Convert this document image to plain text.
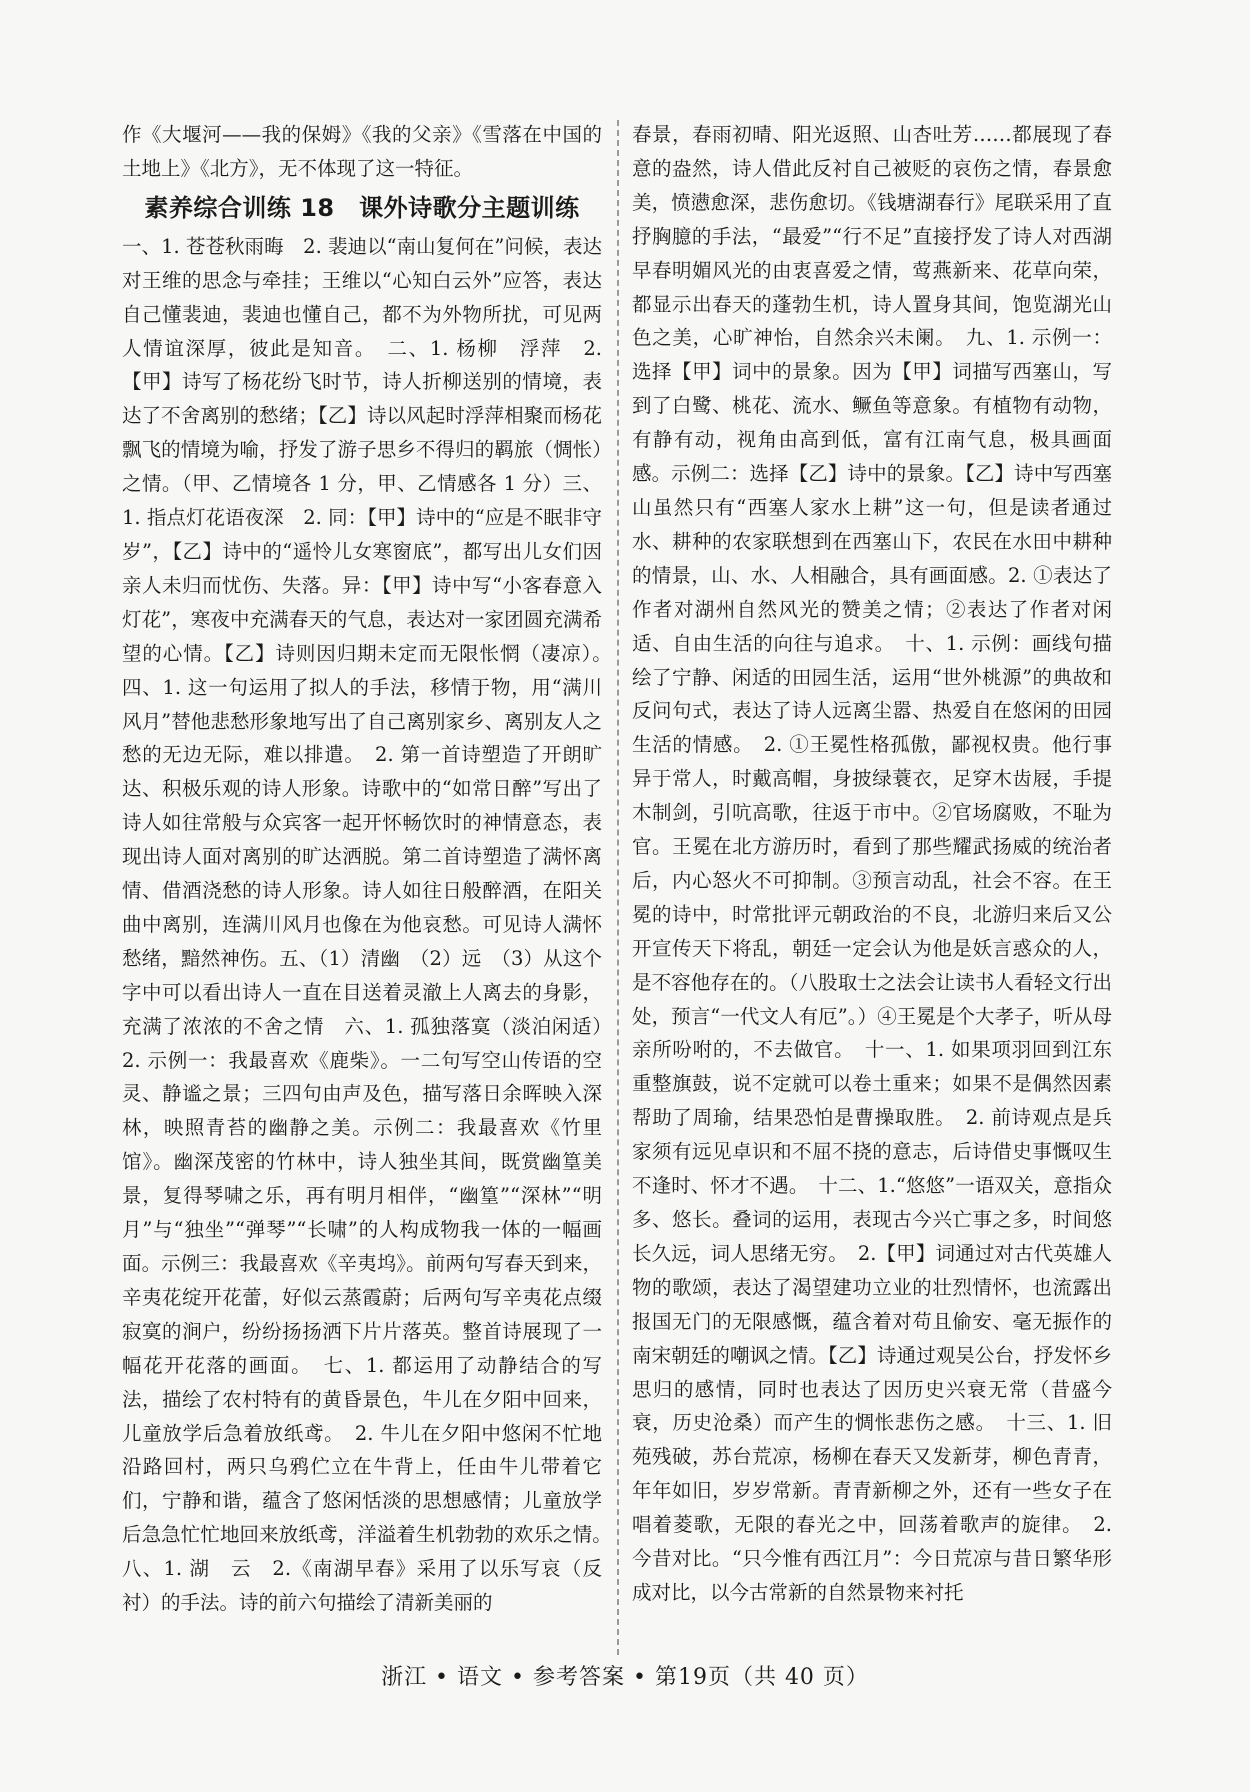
作《大堰河——我的保姆》《我的父亲》《雪落在中国的土地上》《北方》，无不体现了这一特征。

素养综合训练 18　课外诗歌分主题训练

一、1. 苍苍秋雨晦　2. 裴迪以“南山复何在”问候，表达对王维的思念与牵挂；王维以“心知白云外”应答，表达自己懂裴迪，裴迪也懂自己，都不为外物所扰，可见两人情谊深厚，彼此是知音。　二、1. 杨柳　浮萍　2.【甲】诗写了杨花纷飞时节，诗人折柳送别的情境，表达了不舍离别的愁绪；【乙】诗以风起时浮萍相聚而杨花飘飞的情境为喻，抒发了游子思乡不得归的羁旅（惆怅）之情。（甲、乙情境各 1 分，甲、乙情感各 1 分）三、1. 指点灯花语夜深　2. 同：【甲】诗中的“应是不眠非守岁”，【乙】诗中的“遥怜儿女寒窗底”，都写出儿女们因亲人未归而忧伤、失落。异：【甲】诗中写“小客春意入灯花”，寒夜中充满春天的气息，表达对一家团圆充满希望的心情。【乙】诗则因归期未定而无限怅惘（凄凉）。　四、1. 这一句运用了拟人的手法，移情于物，用“满川风月”替他悲愁形象地写出了自己离别家乡、离别友人之愁的无边无际，难以排遣。　2. 第一首诗塑造了开朗旷达、积极乐观的诗人形象。诗歌中的“如常日醉”写出了诗人如往常般与众宾客一起开怀畅饮时的神情意态，表现出诗人面对离别的旷达洒脱。第二首诗塑造了满怀离情、借酒浇愁的诗人形象。诗人如往日般醉酒，在阳关曲中离别，连满川风月也像在为他哀愁。可见诗人满怀愁绪，黯然神伤。五、（1）清幽　（2）远　（3）从这个字中可以看出诗人一直在目送着灵澈上人离去的身影，充满了浓浓的不舍之情　六、1. 孤独落寞（淡泊闲适）　2. 示例一：我最喜欢《鹿柴》。一二句写空山传语的空灵、静谧之景；三四句由声及色，描写落日余晖映入深林，映照青苔的幽静之美。示例二：我最喜欢《竹里馆》。幽深茂密的竹林中，诗人独坐其间，既赏幽篁美景，复得琴啸之乐，再有明月相伴，“幽篁”“深林”“明月”与“独坐”“弹琴”“长啸”的人构成物我一体的一幅画面。示例三：我最喜欢《辛夷坞》。前两句写春天到来，辛夷花绽开花蕾，好似云蒸霞蔚；后两句写辛夷花点缀寂寞的涧户，纷纷扬扬洒下片片落英。整首诗展现了一幅花开花落的画面。　七、1. 都运用了动静结合的写法，描绘了农村特有的黄昏景色，牛儿在夕阳中回来，儿童放学后急着放纸鸢。　2. 牛儿在夕阳中悠闲不忙地沿路回村，两只乌鸦伫立在牛背上，任由牛儿带着它们，宁静和谐，蕴含了悠闲恬淡的思想感情；儿童放学后急急忙忙地回来放纸鸢，洋溢着生机勃勃的欢乐之情。　八、1. 湖　云　2.《南湖早春》采用了以乐写哀（反衬）的手法。诗的前六句描绘了清新美丽的

春景，春雨初晴、阳光返照、山杏吐芳……都展现了春意的盎然，诗人借此反衬自己被贬的哀伤之情，春景愈美，愤懑愈深，悲伤愈切。《钱塘湖春行》尾联采用了直抒胸臆的手法，“最爱”“行不足”直接抒发了诗人对西湖早春明媚风光的由衷喜爱之情，莺燕新来、花草向荣，都显示出春天的蓬勃生机，诗人置身其间，饱览湖光山色之美，心旷神怡，自然余兴未阑。　九、1. 示例一：选择【甲】词中的景象。因为【甲】词描写西塞山，写到了白鹭、桃花、流水、鳜鱼等意象。有植物有动物，有静有动，视角由高到低，富有江南气息，极具画面感。示例二：选择【乙】诗中的景象。【乙】诗中写西塞山虽然只有“西塞人家水上耕”这一句，但是读者通过水、耕种的农家联想到在西塞山下，农民在水田中耕种的情景，山、水、人相融合，具有画面感。2. ①表达了作者对湖州自然风光的赞美之情；②表达了作者对闲适、自由生活的向往与追求。　十、1. 示例：画线句描绘了宁静、闲适的田园生活，运用“世外桃源”的典故和反问句式，表达了诗人远离尘嚣、热爱自在悠闲的田园生活的情感。　2. ①王冕性格孤傲，鄙视权贵。他行事异于常人，时戴高帽，身披绿蓑衣，足穿木齿屐，手提木制剑，引吭高歌，往返于市中。②官场腐败，不耻为官。王冕在北方游历时，看到了那些耀武扬威的统治者后，内心怒火不可抑制。③预言动乱，社会不容。在王冕的诗中，时常批评元朝政治的不良，北游归来后又公开宣传天下将乱，朝廷一定会认为他是妖言惑众的人，是不容他存在的。（八股取士之法会让读书人看轻文行出处，预言“一代文人有厄”。）④王冕是个大孝子，听从母亲所吩咐的，不去做官。　十一、1. 如果项羽回到江东重整旗鼓，说不定就可以卷土重来；如果不是偶然因素帮助了周瑜，结果恐怕是曹操取胜。　2. 前诗观点是兵家须有远见卓识和不屈不挠的意志，后诗借史事慨叹生不逢时、怀才不遇。　十二、1.“悠悠”一语双关，意指众多、悠长。叠词的运用，表现古今兴亡事之多，时间悠长久远，词人思绪无穷。　2.【甲】词通过对古代英雄人物的歌颂，表达了渴望建功立业的壮烈情怀，也流露出报国无门的无限感慨，蕴含着对苟且偷安、毫无振作的南宋朝廷的嘲讽之情。【乙】诗通过观吴公台，抒发怀乡思归的感情，同时也表达了因历史兴衰无常（昔盛今衰，历史沧桑）而产生的惆怅悲伤之感。　十三、1. 旧苑残破，苏台荒凉，杨柳在春天又发新芽，柳色青青，年年如旧，岁岁常新。青青新柳之外，还有一些女子在唱着菱歌，无限的春光之中，回荡着歌声的旋律。　2. 今昔对比。“只今惟有西江月”：今日荒凉与昔日繁华形成对比，以今古常新的自然景物来衬托

浙江 • 语文 • 参考答案 • 第19页（共 40 页）
